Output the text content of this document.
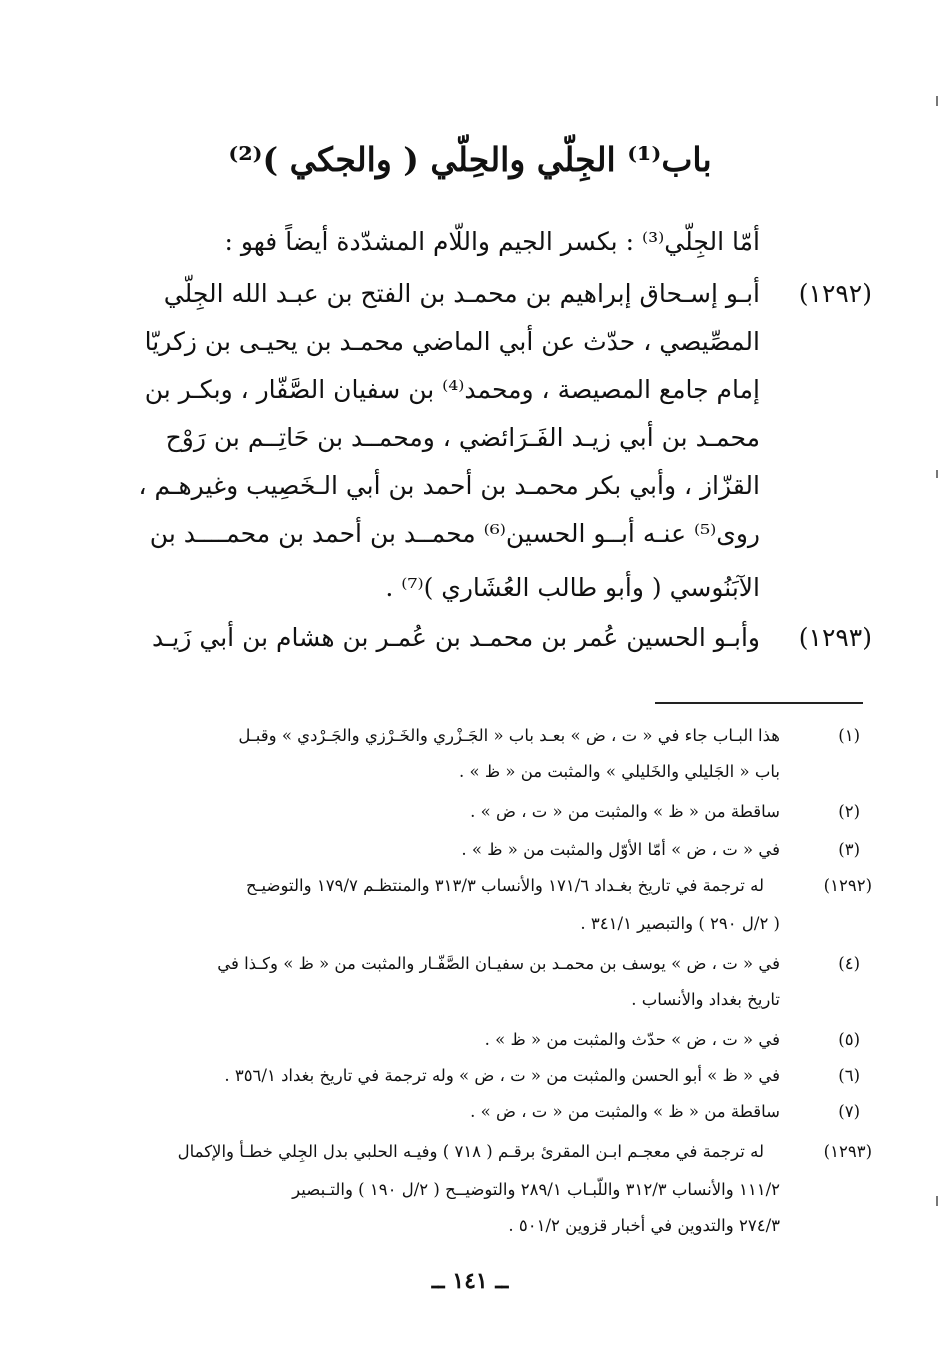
باب⁽¹⁾ الجِلّي والحِلّي ( والجكي )⁽²⁾
أمّا الجِلّي⁽³⁾ : بكسر الجيم واللّام المشدّدة أيضاً فهو :
(١٢٩٢)
أبـو إسـحاق إبراهيم بن محمـد بن الفتح بن عبـد الله الجِلّي
المصِّيصي ، حدّث عن أبي الماضي محمـد بن يحيـى بن زكريّا
إمام جامع المصيصة ، ومحمد⁽⁴⁾ بن سفيان الصَّفّار ، وبكـر بن
محمـد بن أبي زيـد الفَـرَائضي ، ومحمــد بن حَاتِــم بن رَوْح
القزّاز ، وأبي بكر محمـد بن أحمد بن أبي الـخَصِيب وغيرهـم ،
روى⁽⁵⁾ عنـه أبــو الحسين⁽⁶⁾ محمــد بن أحمد بن محمــــد بن
الآبَنُوسي ( وأبو طالب العُشَاري )⁽⁷⁾ .
(١٢٩٣)
وأبـو الحسين عُمر بن محمـد بن عُمـر بن هشام بن أبي زَيـد
(١)
هذا البـاب جاء في « ت ، ض » بعـد باب « الجَـزْري والخَـرْزي والجَـرْدي » وقبـل
باب « الجَليلي والخَليلي » والمثبت من « ظ » .
(٢)
ساقطة من « ظ » والمثبت من « ت ، ض » .
(٣)
في « ت ، ض » أمّا الأوّل والمثبت من « ظ » .
(١٢٩٢)
له ترجمة في تاريخ بغـداد ١٧١/٦ والأنساب ٣١٣/٣ والمنتظـم ١٧٩/٧ والتوضيـح
( ٢/ل ٢٩٠ ) والتبصير ٣٤١/١ .
(٤)
في « ت ، ض » يوسف بن محمـد بن سفيـان الصَّفّـار والمثبت من « ظ » وكـذا في
تاريخ بغداد والأنساب .
(٥)
في « ت ، ض » حدّث والمثبت من « ظ » .
(٦)
في « ظ » أبو الحسن والمثبت من « ت ، ض » وله ترجمة في تاريخ بغداد ٣٥٦/١ .
(٧)
ساقطة من « ظ » والمثبت من « ت ، ض » .
(١٢٩٣)
له ترجمة في معجـم ابـن المقرئ برقـم ( ٧١٨ ) وفيـه الحلبي بدل الجِلي خطـأ والإكمال
١١١/٢ والأنساب ٣١٢/٣ واللّبـاب ٢٨٩/١ والتوضيــح ( ٢/ل ١٩٠ ) والتـبصير
٢٧٤/٣ والتدوين في أخبار قزوين ٥٠١/٢ .
ــ ١٤١ ــ
